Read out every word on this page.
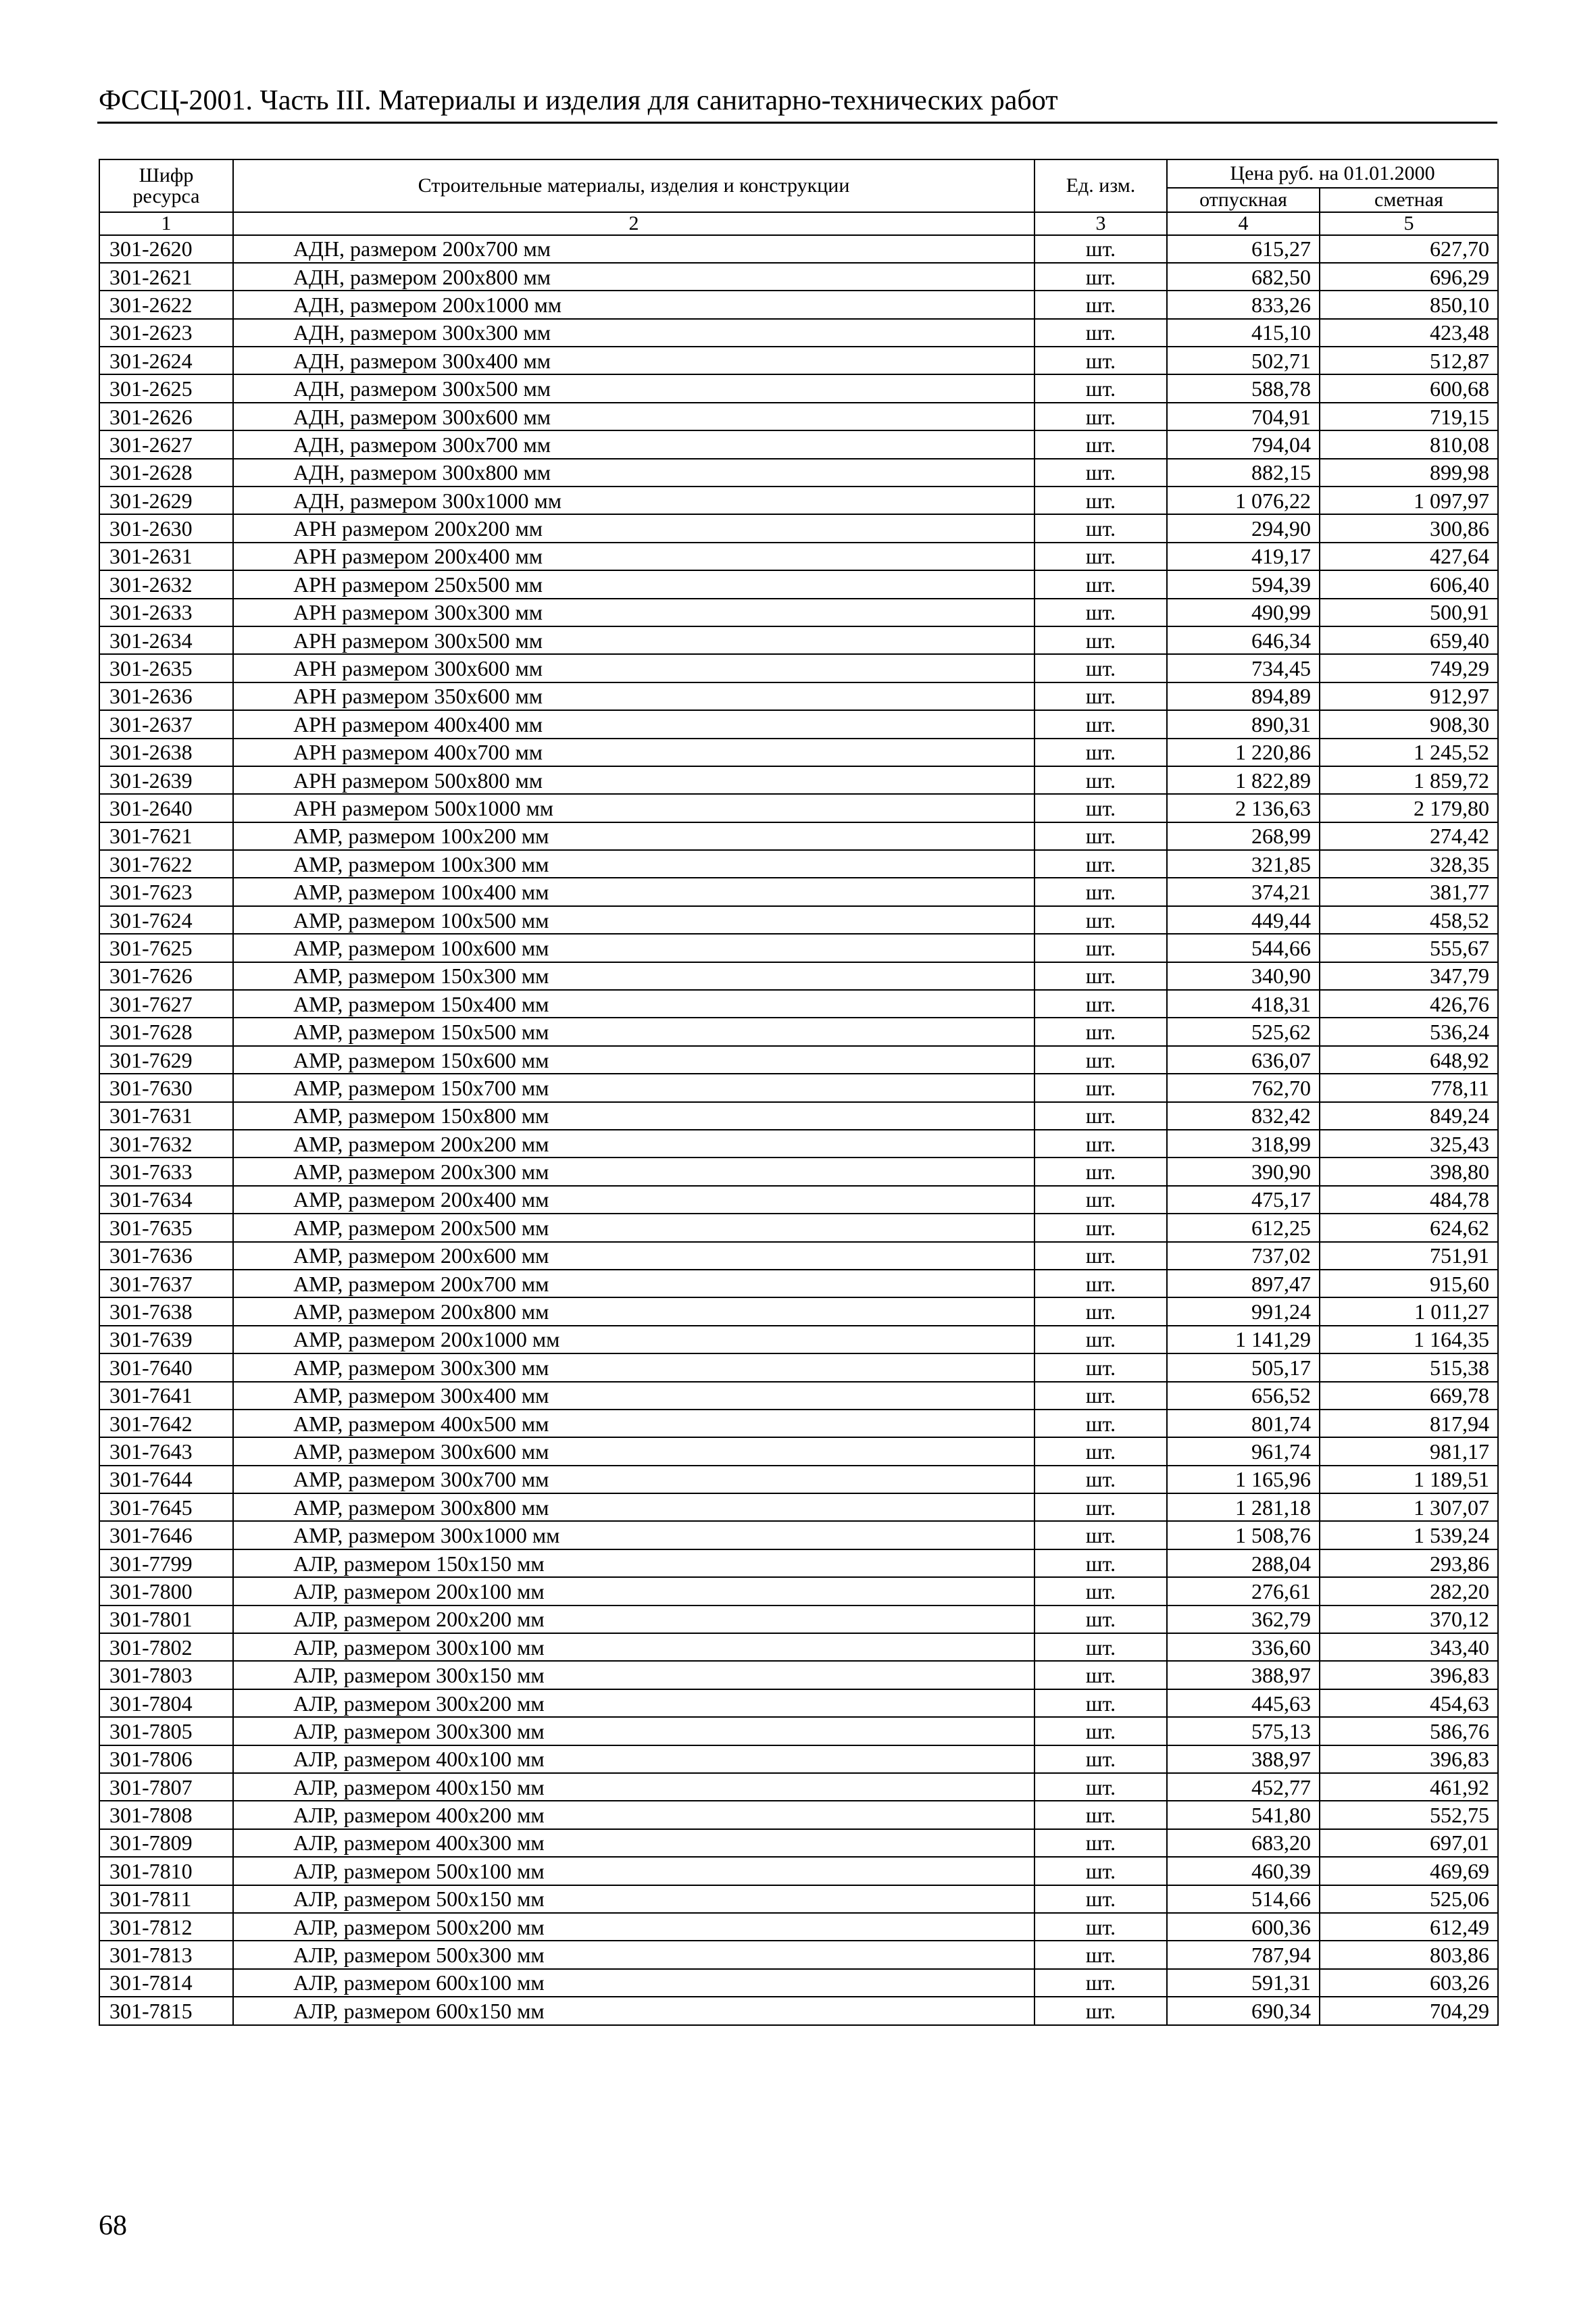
ФССЦ-2001. Часть III. Материалы и изделия для санитарно-технических работ
Шифр ресурса	Строительные материалы, изделия и конструкции	Ед. изм.	Цена руб. на 01.01.2000	
			отпускная	сметная
1	2	3	4	5
301-2620	АДН, размером 200x700 мм	шт.	615,27	627,70
301-2621	АДН, размером 200x800 мм	шт.	682,50	696,29
301-2622	АДН, размером 200x1000 мм	шт.	833,26	850,10
301-2623	АДН, размером 300x300 мм	шт.	415,10	423,48
301-2624	АДН, размером 300x400 мм	шт.	502,71	512,87
301-2625	АДН, размером 300x500 мм	шт.	588,78	600,68
301-2626	АДН, размером 300x600 мм	шт.	704,91	719,15
301-2627	АДН, размером 300x700 мм	шт.	794,04	810,08
301-2628	АДН, размером 300x800 мм	шт.	882,15	899,98
301-2629	АДН, размером 300x1000 мм	шт.	1 076,22	1 097,97
301-2630	АРН размером 200x200 мм	шт.	294,90	300,86
301-2631	АРН размером 200x400 мм	шт.	419,17	427,64
301-2632	АРН размером 250x500 мм	шт.	594,39	606,40
301-2633	АРН размером 300x300 мм	шт.	490,99	500,91
301-2634	АРН размером 300x500 мм	шт.	646,34	659,40
301-2635	АРН размером 300x600 мм	шт.	734,45	749,29
301-2636	АРН размером 350x600 мм	шт.	894,89	912,97
301-2637	АРН размером 400x400 мм	шт.	890,31	908,30
301-2638	АРН размером 400x700 мм	шт.	1 220,86	1 245,52
301-2639	АРН размером 500x800 мм	шт.	1 822,89	1 859,72
301-2640	АРН размером 500x1000 мм	шт.	2 136,63	2 179,80
301-7621	АМР, размером 100x200 мм	шт.	268,99	274,42
301-7622	АМР, размером 100x300 мм	шт.	321,85	328,35
301-7623	АМР, размером 100x400 мм	шт.	374,21	381,77
301-7624	АМР, размером 100x500 мм	шт.	449,44	458,52
301-7625	АМР, размером 100x600 мм	шт.	544,66	555,67
301-7626	АМР, размером 150x300 мм	шт.	340,90	347,79
301-7627	АМР, размером 150x400 мм	шт.	418,31	426,76
301-7628	АМР, размером 150x500 мм	шт.	525,62	536,24
301-7629	АМР, размером 150x600 мм	шт.	636,07	648,92
301-7630	АМР, размером 150x700 мм	шт.	762,70	778,11
301-7631	АМР, размером 150x800 мм	шт.	832,42	849,24
301-7632	АМР, размером 200x200 мм	шт.	318,99	325,43
301-7633	АМР, размером 200x300 мм	шт.	390,90	398,80
301-7634	АМР, размером 200x400 мм	шт.	475,17	484,78
301-7635	АМР, размером 200x500 мм	шт.	612,25	624,62
301-7636	АМР, размером 200x600 мм	шт.	737,02	751,91
301-7637	АМР, размером 200x700 мм	шт.	897,47	915,60
301-7638	АМР, размером 200x800 мм	шт.	991,24	1 011,27
301-7639	АМР, размером 200x1000 мм	шт.	1 141,29	1 164,35
301-7640	АМР, размером 300x300 мм	шт.	505,17	515,38
301-7641	АМР, размером 300x400 мм	шт.	656,52	669,78
301-7642	АМР, размером 400x500 мм	шт.	801,74	817,94
301-7643	АМР, размером 300x600 мм	шт.	961,74	981,17
301-7644	АМР, размером 300x700 мм	шт.	1 165,96	1 189,51
301-7645	АМР, размером 300x800 мм	шт.	1 281,18	1 307,07
301-7646	АМР, размером 300x1000 мм	шт.	1 508,76	1 539,24
301-7799	АЛР, размером 150x150 мм	шт.	288,04	293,86
301-7800	АЛР, размером 200x100 мм	шт.	276,61	282,20
301-7801	АЛР, размером 200x200 мм	шт.	362,79	370,12
301-7802	АЛР, размером 300x100 мм	шт.	336,60	343,40
301-7803	АЛР, размером 300x150 мм	шт.	388,97	396,83
301-7804	АЛР, размером 300x200 мм	шт.	445,63	454,63
301-7805	АЛР, размером 300x300 мм	шт.	575,13	586,76
301-7806	АЛР, размером 400x100 мм	шт.	388,97	396,83
301-7807	АЛР, размером 400x150 мм	шт.	452,77	461,92
301-7808	АЛР, размером 400x200 мм	шт.	541,80	552,75
301-7809	АЛР, размером 400x300 мм	шт.	683,20	697,01
301-7810	АЛР, размером 500x100 мм	шт.	460,39	469,69
301-7811	АЛР, размером 500x150 мм	шт.	514,66	525,06
301-7812	АЛР, размером 500x200 мм	шт.	600,36	612,49
301-7813	АЛР, размером 500x300 мм	шт.	787,94	803,86
301-7814	АЛР, размером 600x100 мм	шт.	591,31	603,26
301-7815	АЛР, размером 600x150 мм	шт.	690,34	704,29
68
